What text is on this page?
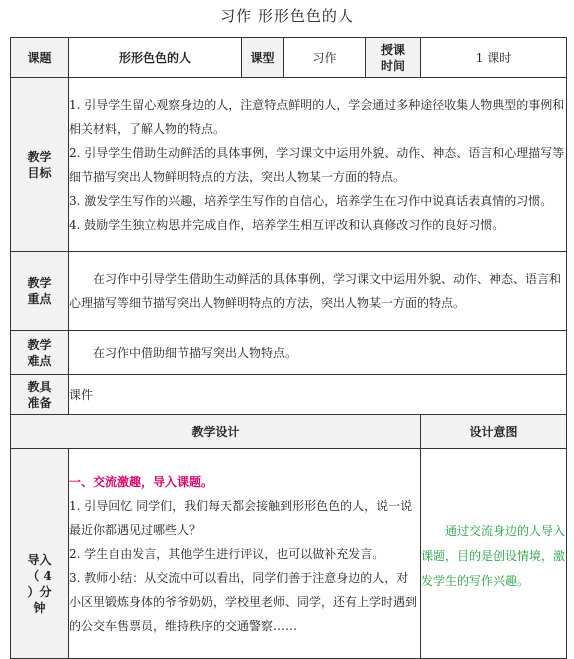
习作 形形色色的人
课题	形形色色的人	课型	习作	授课时间	1 课时
教学目标	1. 引导学生留心观察身边的人，注意特点鲜明的人，学会通过多种途径收集人物典型的事例和相关材料，了解人物的特点。

2. 引导学生借助生动鲜活的具体事例，学习课文中运用外貌、动作、神态、语言和心理描写等细节描写突出人物鲜明特点的方法，突出人物某一方面的特点。

3. 激发学生写作的兴趣，培养学生写作的自信心，培养学生在习作中说真话表真情的习惯。

4. 鼓励学生独立构思并完成自作，培养学生相互评改和认真修改习作的良好习惯。				

教学重点	在习作中引导学生借助生动鲜活的具体事例，学习课文中运用外貌、动作、神态、语言和心理描写等细节描写突出人物鲜明特点的方法，突出人物某一方面的特点。				

教学难点	在习作中借助细节描写突出人物特点。				

教具准备	课件				

教学设计					设计意图
导入（ 4 ）分钟	一、交流激趣，导入课题。

1. 引导回忆 同学们，我们每天都会接触到形形色色的人，说一说最近你都遇见过哪些人？

2. 学生自由发言，其他学生进行评议，也可以做补充发言。

3. 教师小结：从交流中可以看出，同学们善于注意身边的人，对小区里锻炼身体的爷爷奶奶，学校里老师、同学，还有上学时遇到的公交车售票员，维持秩序的交通警察……				通过交流身边的人导入课题，目的是创设情境，激发学生的写作兴趣。
